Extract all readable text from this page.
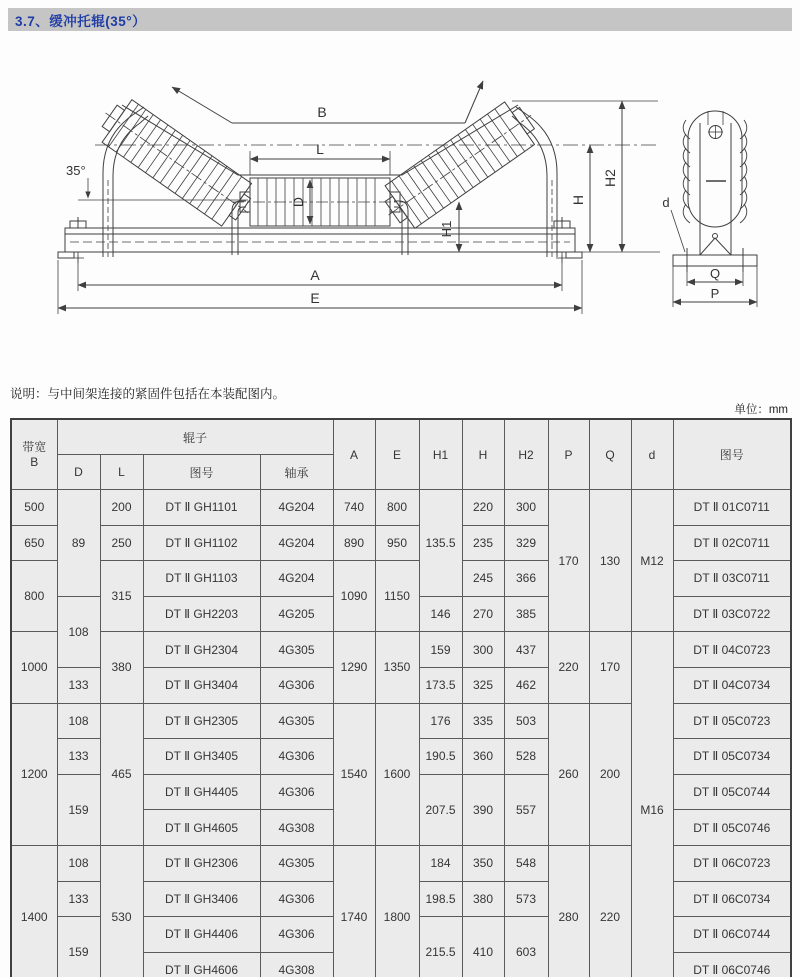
3.7、缓冲托辊(35°）
B
L
D
35°
H1
H
H2
A
E
d
Q
P
说明：与中间架连接的紧固件包括在本装配图内。
单位：mm
带宽
B	辊子				A	E	H1	H	H2	P	Q	d	图号
	D	L	图号	轴承									
500	89	200	DT Ⅱ GH1101	4G204	740	800	135.5	220	300	170	130	M12	DT Ⅱ 01C0711
650		250	DT Ⅱ GH1102	4G204	890	950		235	329				DT Ⅱ 02C0711
800		315	DT Ⅱ GH1103	4G204	1090	1150		245	366				DT Ⅱ 03C0711
	108		DT Ⅱ GH2203	4G205			146	270	385				DT Ⅱ 03C0722
1000		380	DT Ⅱ GH2304	4G305	1290	1350	159	300	437	220	170	M16	DT Ⅱ 04C0723
	133		DT Ⅱ GH3404	4G306			173.5	325	462				DT Ⅱ 04C0734
1200	108	465	DT Ⅱ GH2305	4G305	1540	1600	176	335	503	260	200		DT Ⅱ 05C0723
	133		DT Ⅱ GH3405	4G306			190.5	360	528				DT Ⅱ 05C0734
	159		DT Ⅱ GH4405	4G306			207.5	390	557				DT Ⅱ 05C0744
			DT Ⅱ GH4605	4G308									DT Ⅱ 05C0746
1400	108	530	DT Ⅱ GH2306	4G305	1740	1800	184	350	548	280	220		DT Ⅱ 06C0723
	133		DT Ⅱ GH3406	4G306			198.5	380	573				DT Ⅱ 06C0734
	159		DT Ⅱ GH4406	4G306			215.5	410	603				DT Ⅱ 06C0744
			DT Ⅱ GH4606	4G308									DT Ⅱ 06C0746
